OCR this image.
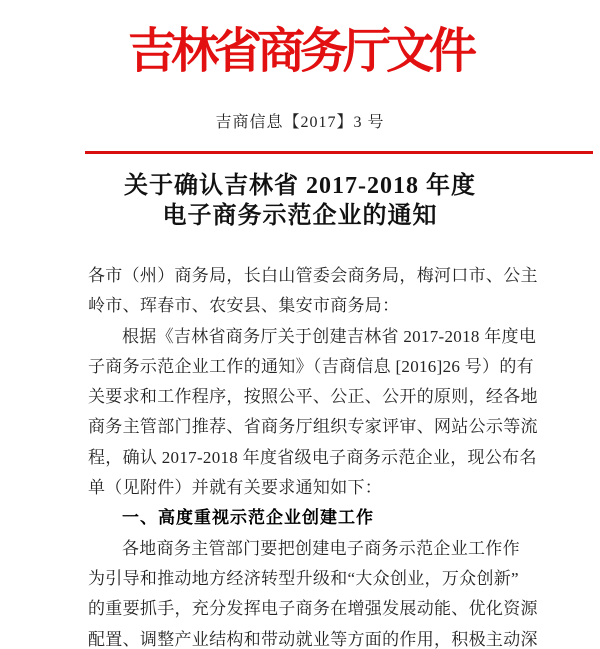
吉林省商务厅文件
吉商信息【2017】3 号
关于确认吉林省 2017-2018 年度
电子商务示范企业的通知
各市（州）商务局，长白山管委会商务局，梅河口市、公主
岭市、珲春市、农安县、集安市商务局：
根据《吉林省商务厅关于创建吉林省 2017-2018 年度电
子商务示范企业工作的通知》（吉商信息 [2016]26 号）的有
关要求和工作程序，按照公平、公正、公开的原则，经各地
商务主管部门推荐、省商务厅组织专家评审、网站公示等流
程，确认 2017-2018 年度省级电子商务示范企业，现公布名
单（见附件）并就有关要求通知如下：
一、高度重视示范企业创建工作
各地商务主管部门要把创建电子商务示范企业工作作
为引导和推动地方经济转型升级和“大众创业，万众创新”
的重要抓手，充分发挥电子商务在增强发展动能、优化资源
配置、调整产业结构和带动就业等方面的作用，积极主动深
